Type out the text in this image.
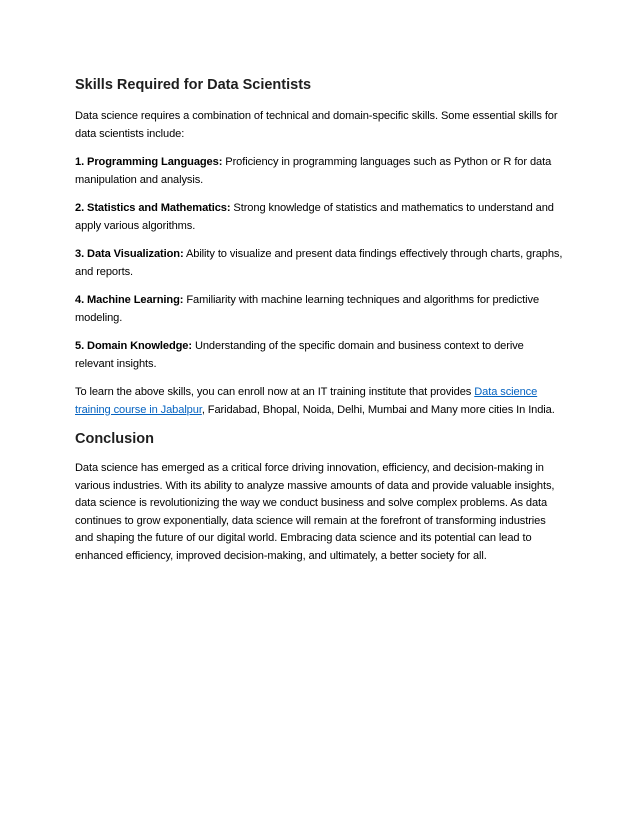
Skills Required for Data Scientists

Data science requires a combination of technical and domain-specific skills. Some essential skills for data scientists include:

1. Programming Languages: Proficiency in programming languages such as Python or R for data manipulation and analysis.

2. Statistics and Mathematics: Strong knowledge of statistics and mathematics to understand and apply various algorithms.

3. Data Visualization: Ability to visualize and present data findings effectively through charts, graphs, and reports.

4. Machine Learning: Familiarity with machine learning techniques and algorithms for predictive modeling.

5. Domain Knowledge: Understanding of the specific domain and business context to derive relevant insights.

To learn the above skills, you can enroll now at an IT training institute that provides Data science training course in Jabalpur, Faridabad, Bhopal, Noida, Delhi, Mumbai and Many more cities In India.

Conclusion

Data science has emerged as a critical force driving innovation, efficiency, and decision-making in various industries. With its ability to analyze massive amounts of data and provide valuable insights, data science is revolutionizing the way we conduct business and solve complex problems. As data continues to grow exponentially, data science will remain at the forefront of transforming industries and shaping the future of our digital world. Embracing data science and its potential can lead to enhanced efficiency, improved decision-making, and ultimately, a better society for all.
